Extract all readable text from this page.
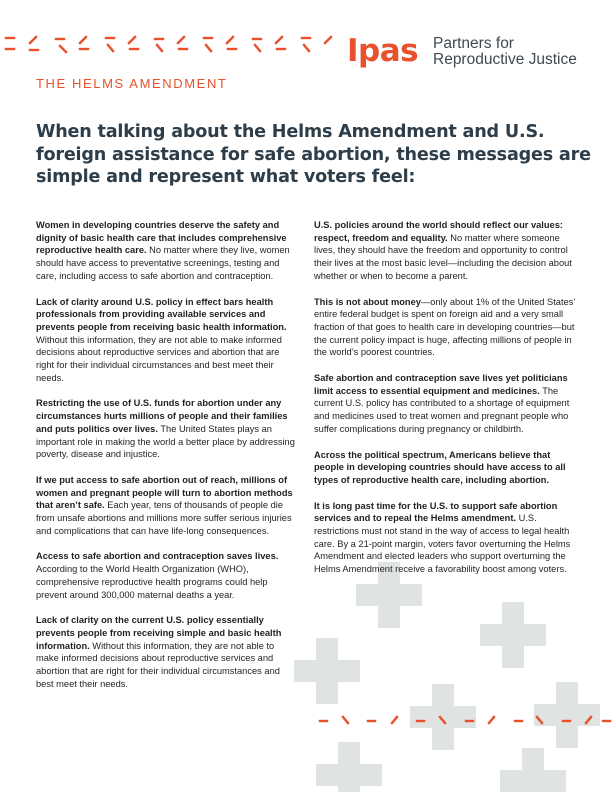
Ipas Partners for
Reproductive Justice
THE HELMS AMENDMENT
When talking about the Helms Amendment and U.S. foreign assistance for safe abortion, these messages are simple and represent what voters feel:

Women in developing countries deserve the safety and dignity of basic health care that includes comprehensive reproductive health care. No matter where they live, women should have access to preventative screenings, testing and care, including access to safe abortion and contraception.

Lack of clarity around U.S. policy in effect bars health professionals from providing available services and prevents people from receiving basic health information. Without this information, they are not able to make informed decisions about reproductive services and abortion that are right for their individual circumstances and best meet their needs.

Restricting the use of U.S. funds for abortion under any circumstances hurts millions of people and their families and puts politics over lives. The United States plays an important role in making the world a better place by addressing poverty, disease and injustice.

If we put access to safe abortion out of reach, millions of women and pregnant people will turn to abortion methods that aren’t safe. Each year, tens of thousands of people die from unsafe abortions and millions more suffer serious injuries and complications that can have life-long consequences.

Access to safe abortion and contraception saves lives. According to the World Health Organization (WHO), comprehensive reproductive health programs could help prevent around 300,000 maternal deaths a year.

Lack of clarity on the current U.S. policy essentially prevents people from receiving simple and basic health information. Without this information, they are not able to make informed decisions about reproductive services and abortion that are right for their individual circumstances and best meet their needs.

U.S. policies around the world should reflect our values: respect, freedom and equality. No matter where someone lives, they should have the freedom and opportunity to control their lives at the most basic level—including the decision about whether or when to become a parent.

This is not about money—only about 1% of the United States’ entire federal budget is spent on foreign aid and a very small fraction of that goes to health care in developing countries—but the current policy impact is huge, affecting millions of people in the world’s poorest countries.

Safe abortion and contraception save lives yet politicians limit access to essential equipment and medicines. The current U.S. policy has contributed to a shortage of equipment and medicines used to treat women and pregnant people who suffer complications during pregnancy or childbirth.

Across the political spectrum, Americans believe that people in developing countries should have access to all types of reproductive health care, including abortion.

It is long past time for the U.S. to support safe abortion services and to repeal the Helms amendment. U.S. restrictions must not stand in the way of access to legal health care. By a 21-point margin, voters favor overturning the Helms Amendment and elected leaders who support overturning the Helms Amendment receive a favorability boost among voters.
